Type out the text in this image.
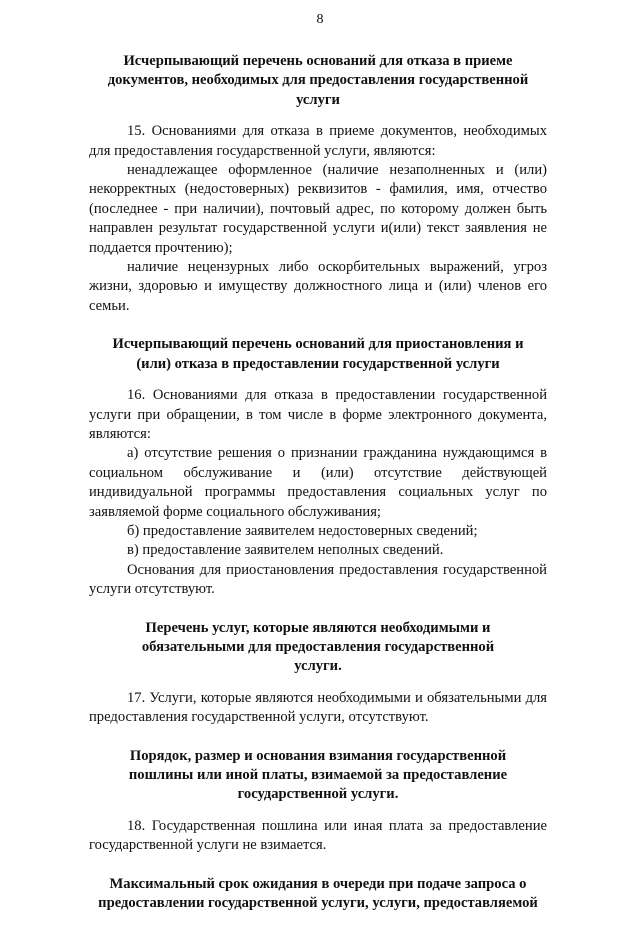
8

Исчерпывающий перечень оснований для отказа в приеме документов, необходимых для предоставления государственной услуги

15. Основаниями для отказа в приеме документов, необходимых для предоставления государственной услуги, являются:

ненадлежащее оформленное (наличие незаполненных и (или) некорректных (недостоверных) реквизитов - фамилия, имя, отчество (последнее - при наличии), почтовый адрес, по которому должен быть направлен результат государственной услуги и(или) текст заявления не поддается прочтению);

наличие нецензурных либо оскорбительных выражений, угроз жизни, здоровью и имуществу должностного лица и (или) членов его семьи.

Исчерпывающий перечень оснований для приостановления и (или) отказа в предоставлении государственной услуги

16. Основаниями для отказа в предоставлении государственной услуги при обращении, в том числе в форме электронного документа, являются:

а) отсутствие решения о признании гражданина нуждающимся в социальном обслуживание и (или) отсутствие действующей индивидуальной программы предоставления социальных услуг по заявляемой форме социального обслуживания;

б) предоставление заявителем недостоверных сведений;

в) предоставление заявителем неполных сведений.

Основания для приостановления предоставления государственной услуги отсутствуют.

Перечень услуг, которые являются необходимыми и обязательными для предоставления государственной услуги.

17. Услуги, которые являются необходимыми и обязательными для предоставления государственной услуги, отсутствуют.

Порядок, размер и основания взимания государственной пошлины или иной платы, взимаемой за предоставление государственной услуги.

18. Государственная пошлина или иная плата за предоставление государственной услуги не взимается.

Максимальный срок ожидания в очереди при подаче запроса о предоставлении государственной услуги, услуги, предоставляемой
